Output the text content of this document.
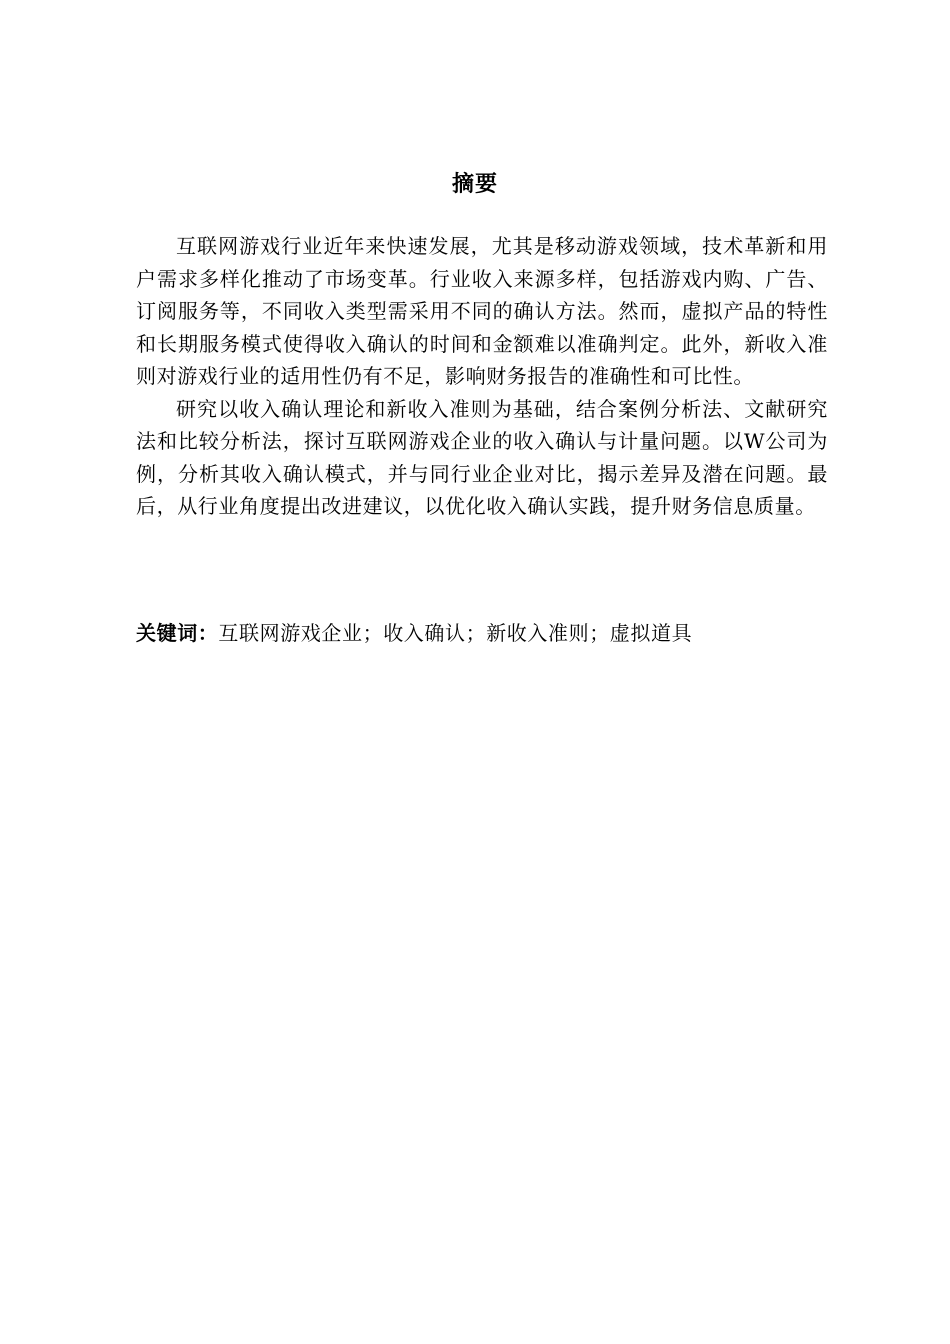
摘要

互联网游戏行业近年来快速发展，尤其是移动游戏领域，技术革新和用户需求多样化推动了市场变革。行业收入来源多样，包括游戏内购、广告、订阅服务等，不同收入类型需采用不同的确认方法。然而，虚拟产品的特性和长期服务模式使得收入确认的时间和金额难以准确判定。此外，新收入准则对游戏行业的适用性仍有不足，影响财务报告的准确性和可比性。

研究以收入确认理论和新收入准则为基础，结合案例分析法、文献研究法和比较分析法，探讨互联网游戏企业的收入确认与计量问题。以W公司为例，分析其收入确认模式，并与同行业企业对比，揭示差异及潜在问题。最后，从行业角度提出改进建议，以优化收入确认实践，提升财务信息质量。

关键词：互联网游戏企业；收入确认；新收入准则；虚拟道具
